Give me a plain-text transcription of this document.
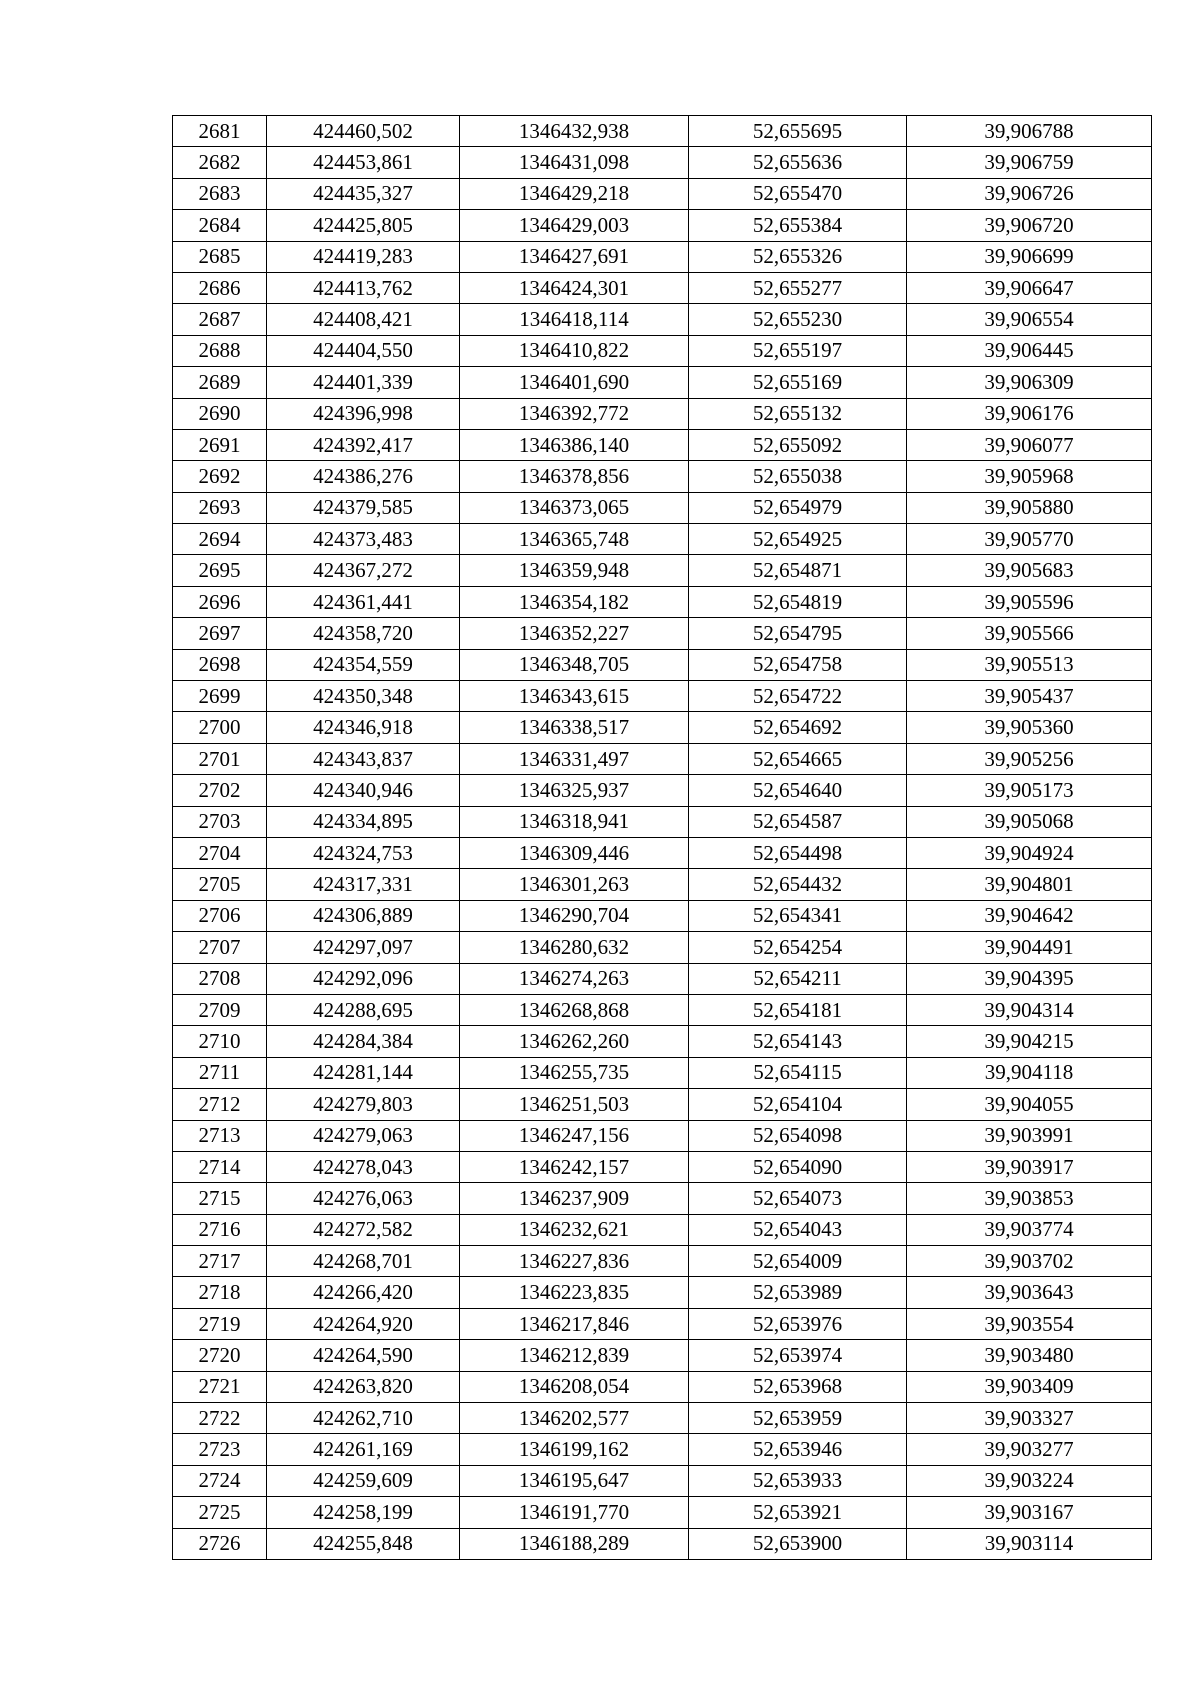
2681	424460,502	1346432,938	52,655695	39,906788
2682	424453,861	1346431,098	52,655636	39,906759
2683	424435,327	1346429,218	52,655470	39,906726
2684	424425,805	1346429,003	52,655384	39,906720
2685	424419,283	1346427,691	52,655326	39,906699
2686	424413,762	1346424,301	52,655277	39,906647
2687	424408,421	1346418,114	52,655230	39,906554
2688	424404,550	1346410,822	52,655197	39,906445
2689	424401,339	1346401,690	52,655169	39,906309
2690	424396,998	1346392,772	52,655132	39,906176
2691	424392,417	1346386,140	52,655092	39,906077
2692	424386,276	1346378,856	52,655038	39,905968
2693	424379,585	1346373,065	52,654979	39,905880
2694	424373,483	1346365,748	52,654925	39,905770
2695	424367,272	1346359,948	52,654871	39,905683
2696	424361,441	1346354,182	52,654819	39,905596
2697	424358,720	1346352,227	52,654795	39,905566
2698	424354,559	1346348,705	52,654758	39,905513
2699	424350,348	1346343,615	52,654722	39,905437
2700	424346,918	1346338,517	52,654692	39,905360
2701	424343,837	1346331,497	52,654665	39,905256
2702	424340,946	1346325,937	52,654640	39,905173
2703	424334,895	1346318,941	52,654587	39,905068
2704	424324,753	1346309,446	52,654498	39,904924
2705	424317,331	1346301,263	52,654432	39,904801
2706	424306,889	1346290,704	52,654341	39,904642
2707	424297,097	1346280,632	52,654254	39,904491
2708	424292,096	1346274,263	52,654211	39,904395
2709	424288,695	1346268,868	52,654181	39,904314
2710	424284,384	1346262,260	52,654143	39,904215
2711	424281,144	1346255,735	52,654115	39,904118
2712	424279,803	1346251,503	52,654104	39,904055
2713	424279,063	1346247,156	52,654098	39,903991
2714	424278,043	1346242,157	52,654090	39,903917
2715	424276,063	1346237,909	52,654073	39,903853
2716	424272,582	1346232,621	52,654043	39,903774
2717	424268,701	1346227,836	52,654009	39,903702
2718	424266,420	1346223,835	52,653989	39,903643
2719	424264,920	1346217,846	52,653976	39,903554
2720	424264,590	1346212,839	52,653974	39,903480
2721	424263,820	1346208,054	52,653968	39,903409
2722	424262,710	1346202,577	52,653959	39,903327
2723	424261,169	1346199,162	52,653946	39,903277
2724	424259,609	1346195,647	52,653933	39,903224
2725	424258,199	1346191,770	52,653921	39,903167
2726	424255,848	1346188,289	52,653900	39,903114
